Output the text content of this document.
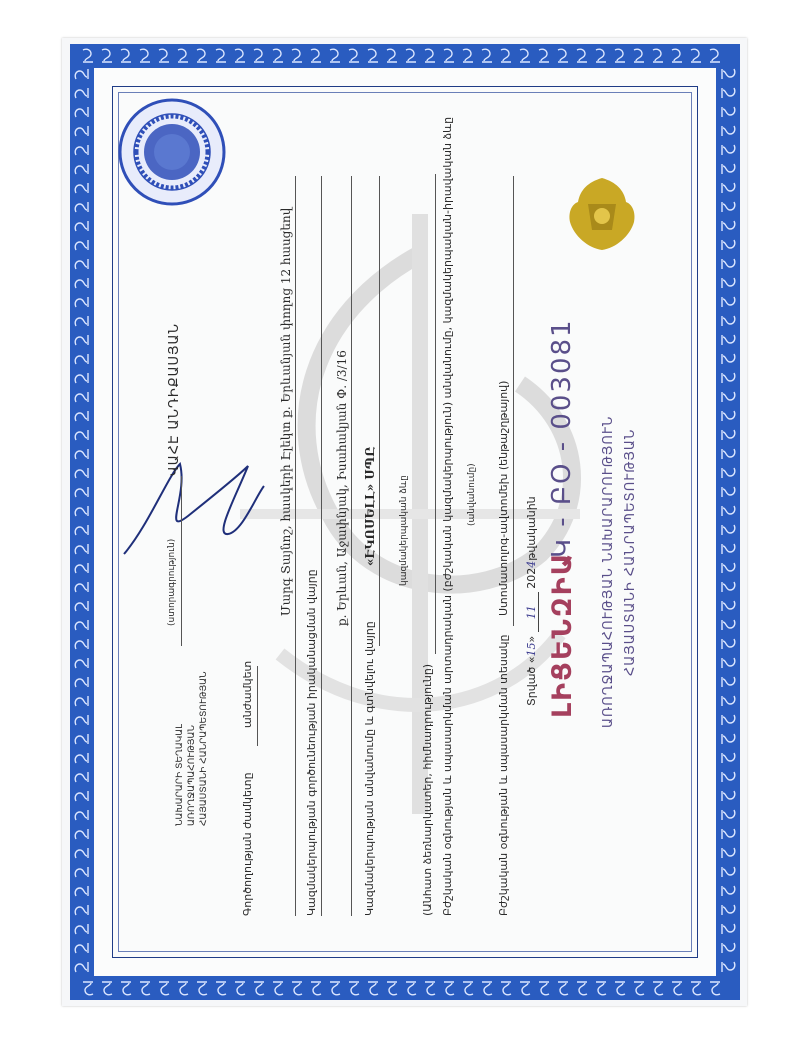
ՀԱՅԱՍՏԱՆԻ ՀԱՆՐԱՊԵՏՈՒԹՅԱՆ
ԱՌՈՂՋԱՊԱՀՈՒԹՅԱՆ ՆԱԽԱՐԱՐՈՒԹՅՈՒՆ
ԼԻՑԵՆԶԻԱ
Կ - ԲՕ - 003081
Տրված «15» 11 2024թվականին
Բժշկական օգնության և սպասարկման տեսակը
Ստոմատոլոգ-ավտոմեխ (ենթաշղթայով)
(անվանումը)
Բժշկական օգնության և սպասարկման արտադրական (բժշկական կազմակերպություն) անվանումը, կազմակերպական-իրավական ձևը
(Անհատ ձեռնարկատեր, հիմնադրությունը)
կազմակերպական ձևը
Կազմակերպության անվանումը և գտնվելու վայրը
«ԷԿՈՍԵԼԼ» ՍՊԸ
ք. Երևան, Աջափնյակ, Իսահակյան Փ. /3/16
Կազմակերպության գործունեության իրականացման վայրը
Մարգ Տայնոշ, հասկերի Էլեկտ ք. Երևանյան փողոց 12 հասցեով
Գործողության ժամկետը
անժամկետ
(ստորագրություն)
ՎԱՀԷ ԱՆԴԻՔԱՍՅԱՆ
ՀԱՅԱՍՏԱՆԻ ՀԱՆՐԱՊԵՏՈՒԹՅԱՆ
ԱՌՈՂՋԱՊԱՀՈՒԹՅԱՆ
ՆԱԽԱՐԱՐԻ ՏԵՂԱԿԱԼ
